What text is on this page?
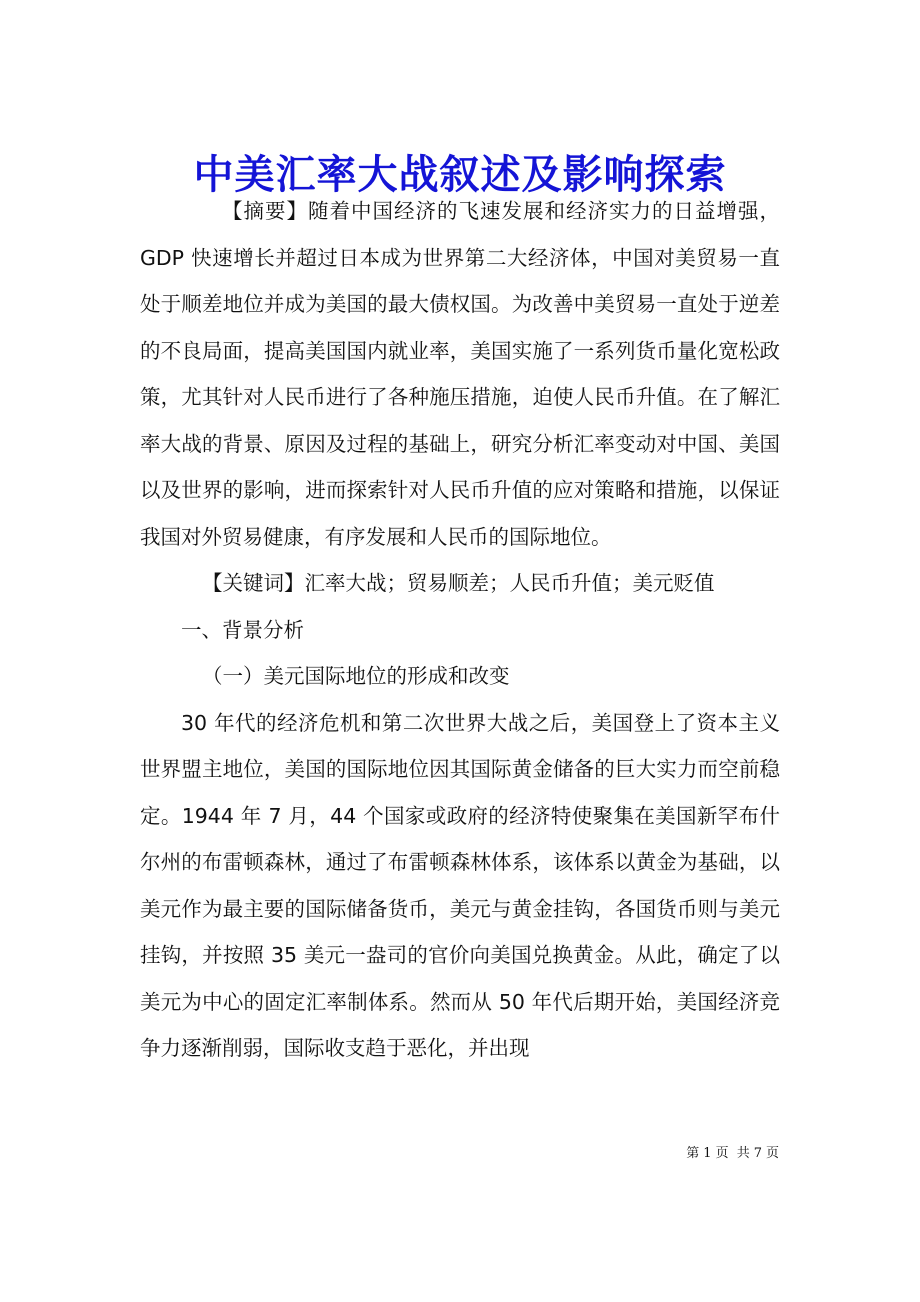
中美汇率大战叙述及影响探索

【摘要】随着中国经济的飞速发展和经济实力的日益增强，GDP 快速增长并超过日本成为世界第二大经济体，中国对美贸易一直处于顺差地位并成为美国的最大债权国。为改善中美贸易一直处于逆差的不良局面，提高美国国内就业率，美国实施了一系列货币量化宽松政策，尤其针对人民币进行了各种施压措施，迫使人民币升值。在了解汇率大战的背景、原因及过程的基础上，研究分析汇率变动对中国、美国以及世界的影响，进而探索针对人民币升值的应对策略和措施，以保证我国对外贸易健康，有序发展和人民币的国际地位。

【关键词】汇率大战；贸易顺差；人民币升值；美元贬值

一、背景分析

（一）美元国际地位的形成和改变

30 年代的经济危机和第二次世界大战之后，美国登上了资本主义世界盟主地位，美国的国际地位因其国际黄金储备的巨大实力而空前稳定。1944 年 7 月，44 个国家或政府的经济特使聚集在美国新罕布什尔州的布雷顿森林，通过了布雷顿森林体系，该体系以黄金为基础，以美元作为最主要的国际储备货币，美元与黄金挂钩，各国货币则与美元挂钩，并按照 35 美元一盎司的官价向美国兑换黄金。从此，确定了以美元为中心的固定汇率制体系。然而从 50 年代后期开始，美国经济竞争力逐渐削弱，国际收支趋于恶化，并出现

第 1 页 共 7 页
